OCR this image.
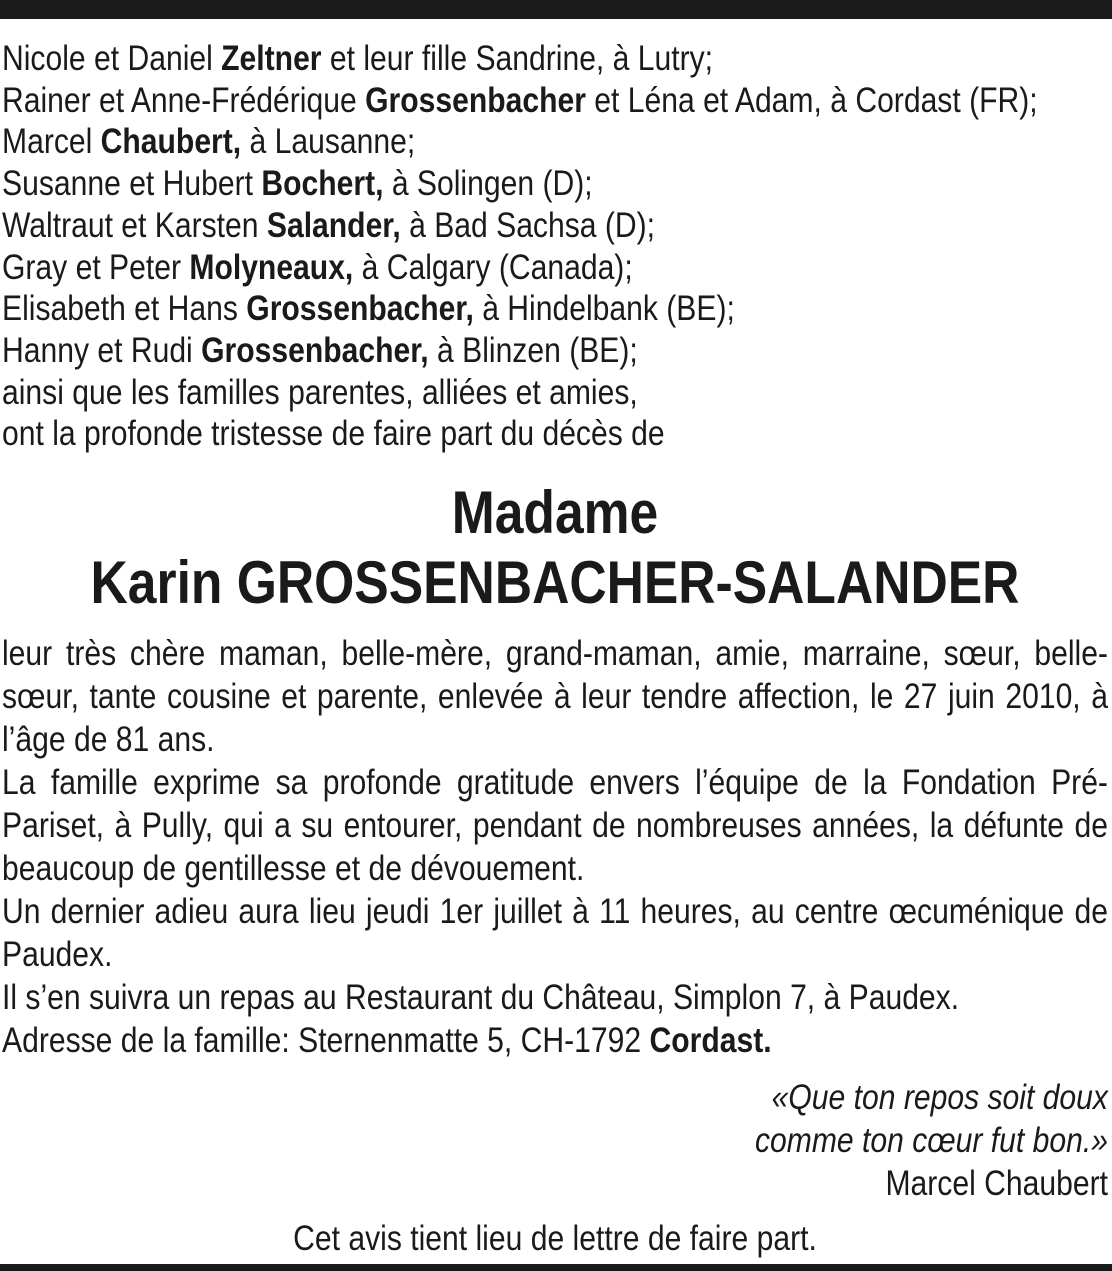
Nicole et Daniel Zeltner et leur fille Sandrine, à Lutry;

Rainer et Anne-Frédérique Grossenbacher et Léna et Adam, à Cordast (FR);

Marcel Chaubert, à Lausanne;

Susanne et Hubert Bochert, à Solingen (D);

Waltraut et Karsten Salander, à Bad Sachsa (D);

Gray et Peter Molyneaux, à Calgary (Canada);

Elisabeth et Hans Grossenbacher, à Hindelbank (BE);

Hanny et Rudi Grossenbacher, à Blinzen (BE);

ainsi que les familles parentes, alliées et amies,

ont la profonde tristesse de faire part du décès de

Madame
Karin GROSSENBACHER-SALANDER

leur très chère maman, belle-mère, grand-maman, amie, marraine, sœur, belle-sœur, tante cousine et parente, enlevée à leur tendre affection, le 27 juin 2010, à l’âge de 81 ans.

La famille exprime sa profonde gratitude envers l’équipe de la Fondation Pré-Pariset, à Pully, qui a su entourer, pendant de nombreuses années, la défunte de beaucoup de gentillesse et de dévouement.

Un dernier adieu aura lieu jeudi 1er juillet à 11 heures, au centre œcuménique de Paudex.

Il s’en suivra un repas au Restaurant du Château, Simplon 7, à Paudex.

Adresse de la famille: Sternenmatte 5, CH-1792 Cordast.

«Que ton repos soit doux

comme ton cœur fut bon.»

Marcel Chaubert

Cet avis tient lieu de lettre de faire part.
